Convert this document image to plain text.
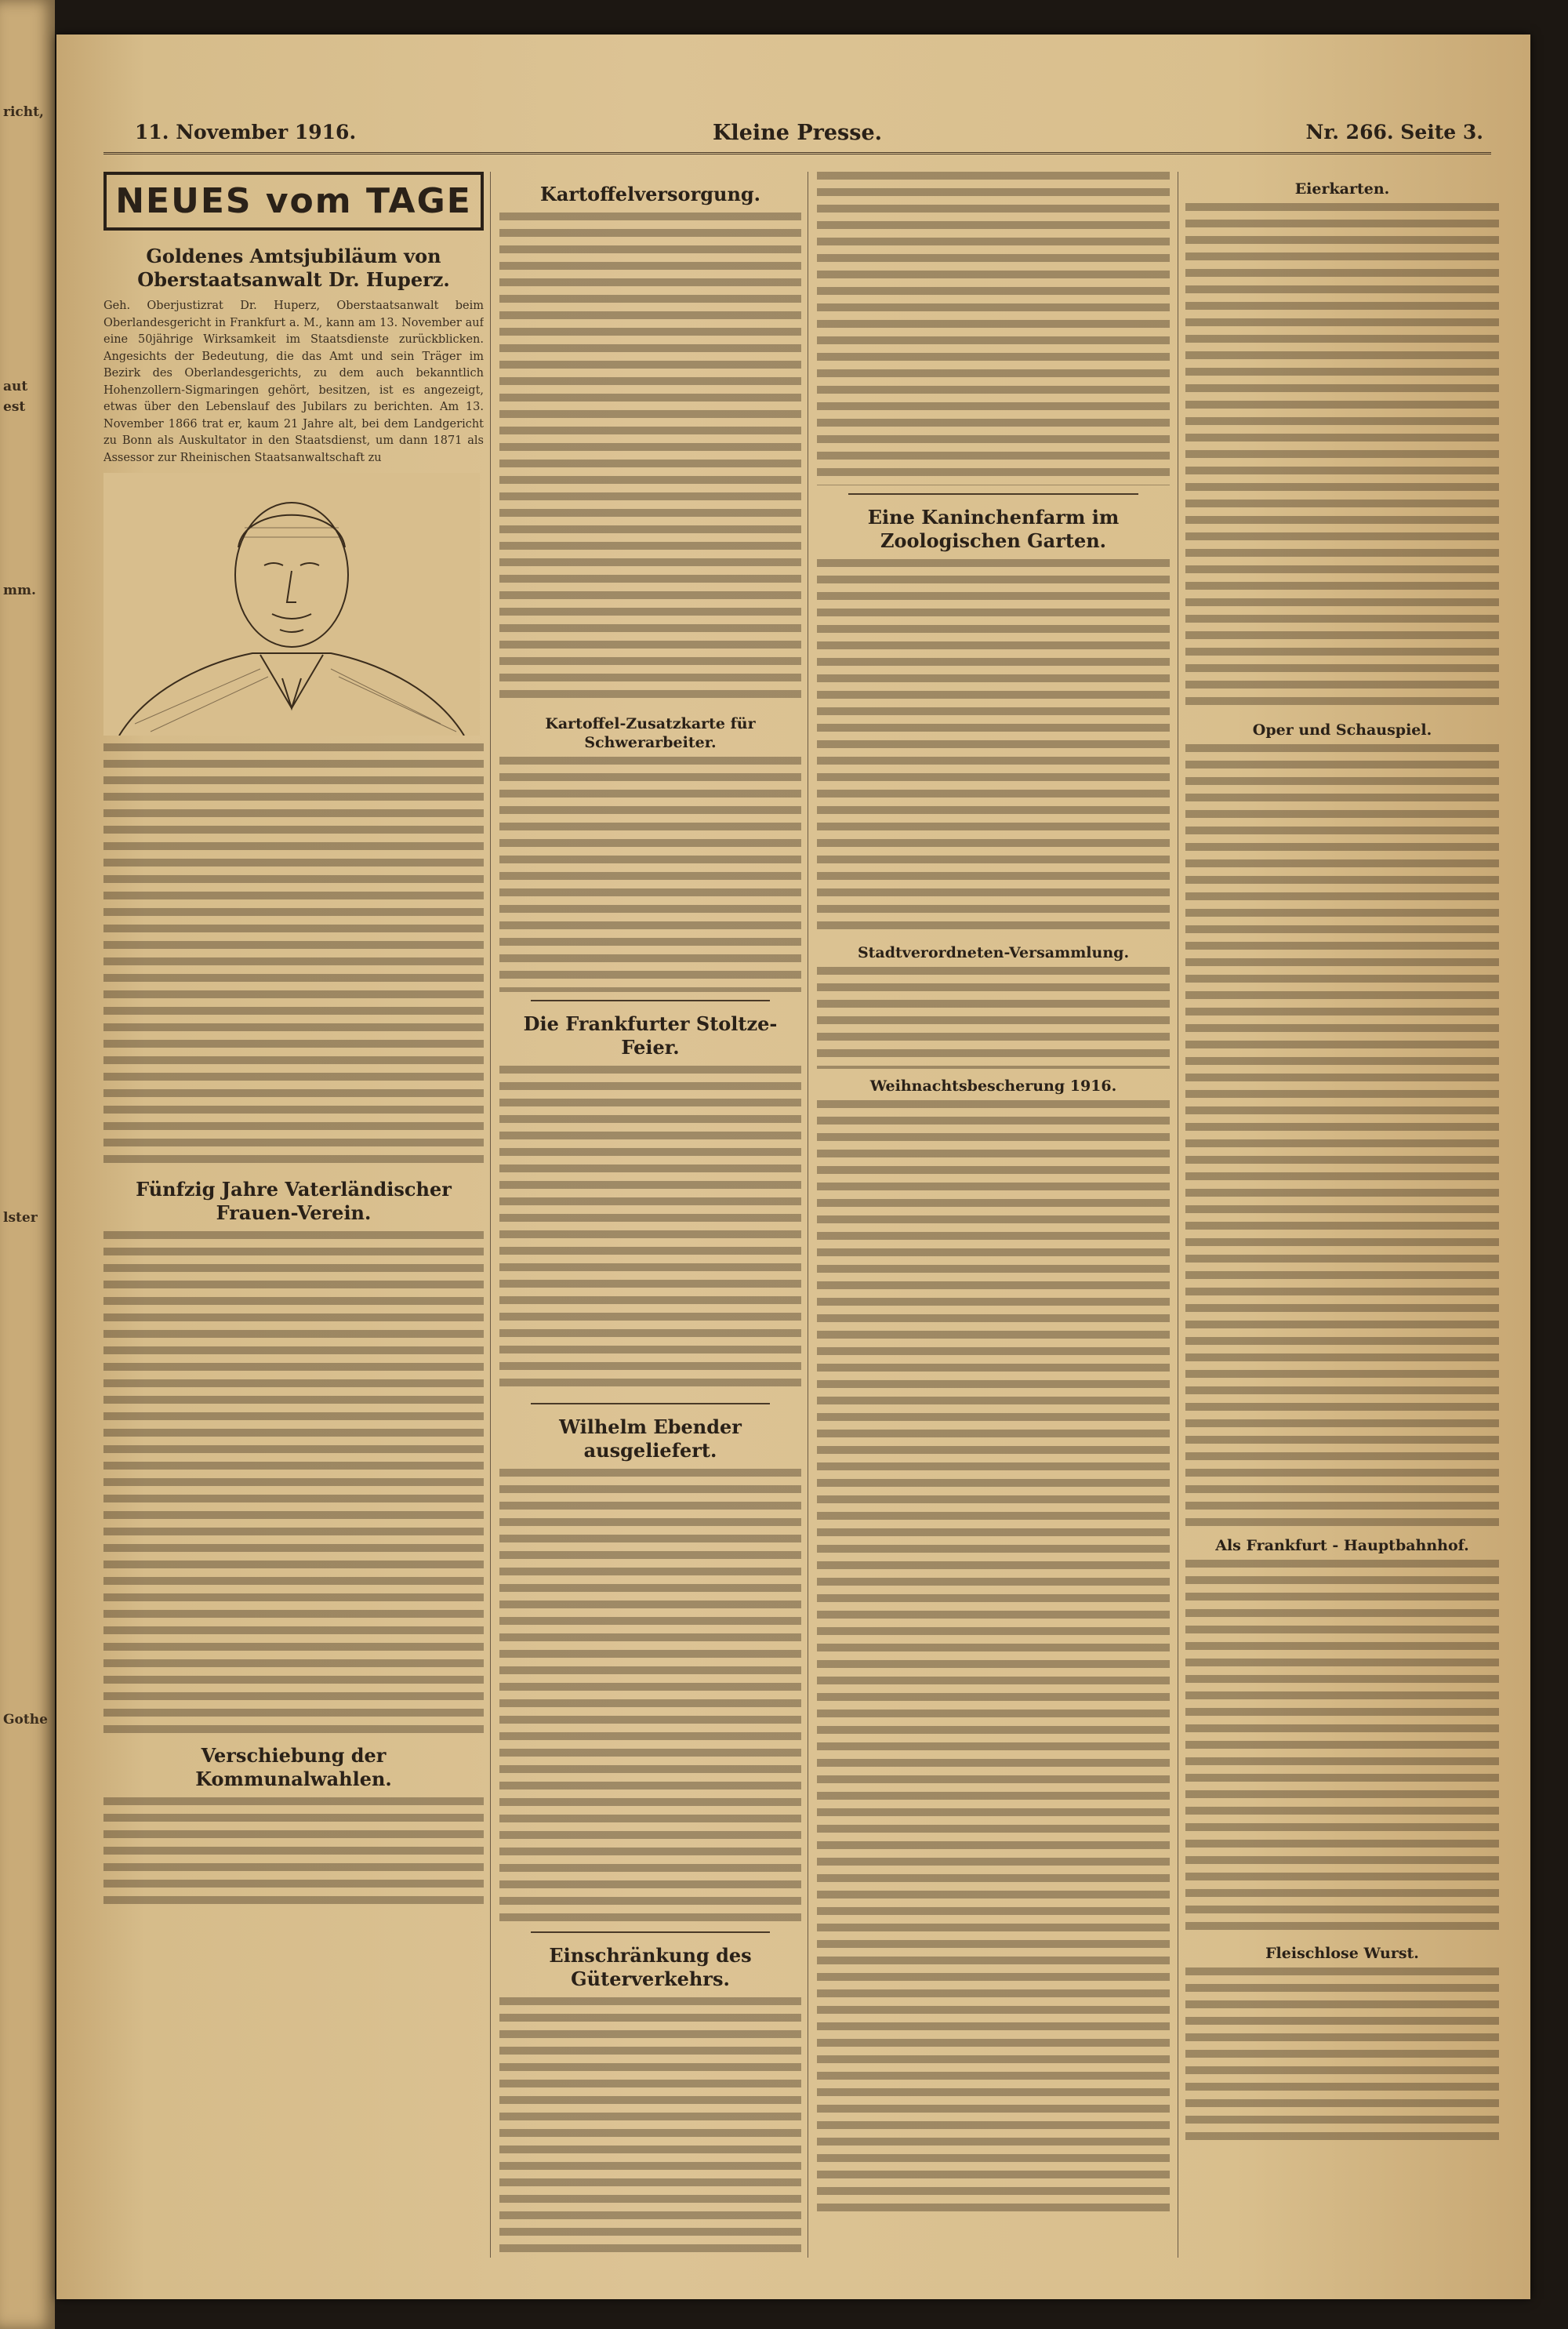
richt,
aut
est
mm.
lster
Gothe
11. November 1916.	Kleine Presse.	Nr. 266. Seite 3.
NEUES vom TAGE
Goldenes Amtsjubiläum von Oberstaatsanwalt Dr. Huperz.

Geh. Oberjustizrat Dr. Huperz, Oberstaatsanwalt beim Oberlandesgericht in Frankfurt a. M., kann am 13. November auf eine 50jährige Wirksamkeit im Staatsdienste zurückblicken. Angesichts der Bedeutung, die das Amt und sein Träger im Bezirk des Oberlandesgerichts, zu dem auch bekanntlich Hohenzollern-Sigmaringen gehört, besitzen, ist es angezeigt, etwas über den Lebenslauf des Jubilars zu berichten. Am 13. November 1866 trat er, kaum 21 Jahre alt, bei dem Landgericht zu Bonn als Auskultator in den Staatsdienst, um dann 1871 als Assessor zur Rheinischen Staatsanwaltschaft zu

Fünfzig Jahre Vaterländischer Frauen-Verein.
Verschiebung der Kommunalwahlen.
Kartoffelversorgung.
Kartoffel-Zusatzkarte für Schwerarbeiter.
Die Frankfurter Stoltze-Feier.
Wilhelm Ebender ausgeliefert.
Einschränkung des Güterverkehrs.
Eine Kaninchenfarm im Zoologischen Garten.
Stadtverordneten-Versammlung.
Weihnachtsbescherung 1916.
Eierkarten.
Oper und Schauspiel.
Als Frankfurt - Hauptbahnhof.
Fleischlose Wurst.
